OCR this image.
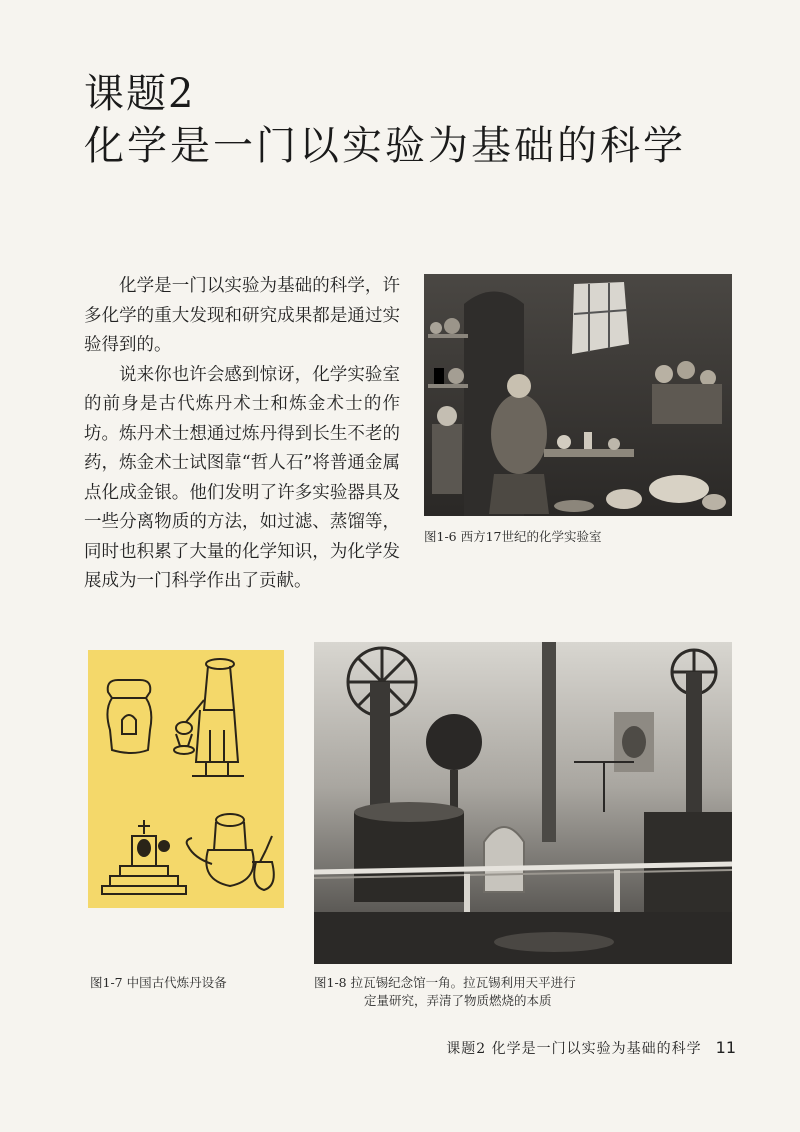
课题2
化学是一门以实验为基础的科学

化学是一门以实验为基础的科学，许多化学的重大发现和研究成果都是通过实验得到的。

说来你也许会感到惊讶，化学实验室的前身是古代炼丹术士和炼金术士的作坊。炼丹术士想通过炼丹得到长生不老的药，炼金术士试图靠“哲人石”将普通金属点化成金银。他们发明了许多实验器具及一些分离物质的方法，如过滤、蒸馏等，同时也积累了大量的化学知识，为化学发展成为一门科学作出了贡献。

图1-6 西方17世纪的化学实验室
图1-7 中国古代炼丹设备	图1-8 拉瓦锡纪念馆一角。拉瓦锡利用天平进行
定量研究，弄清了物质燃烧的本质
课题2 化学是一门以实验为基础的科学 11
